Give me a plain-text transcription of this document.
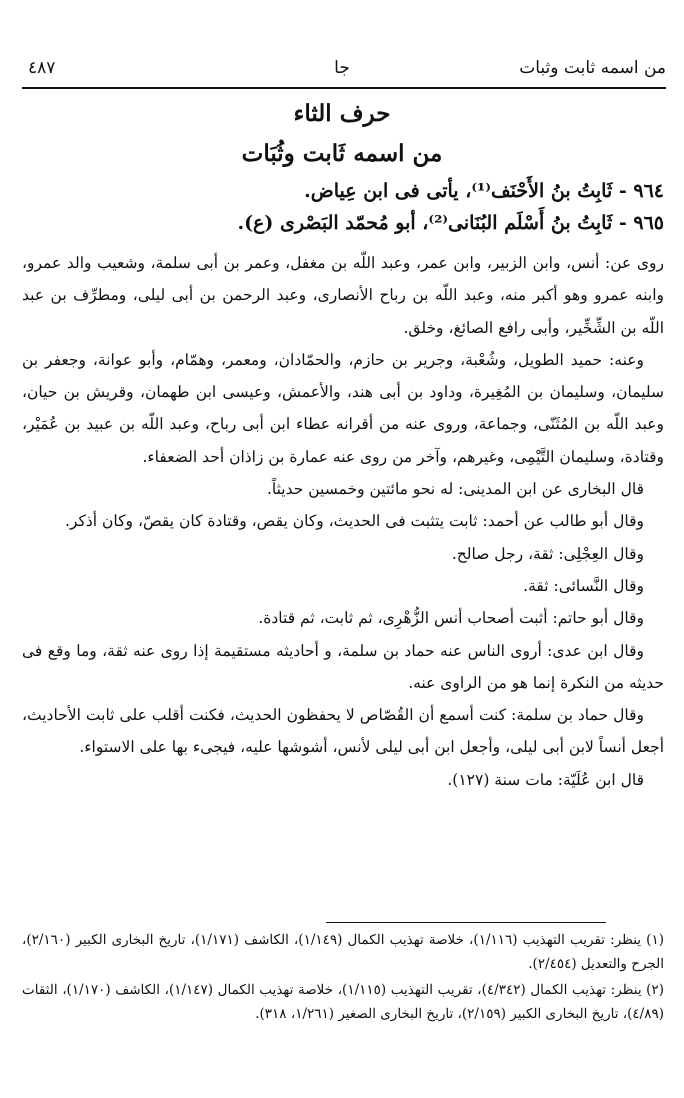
من اسمه ثابت وثبات
جا
٤٨٧
حرف الثاء
من اسمه ثَابت وثُبَات
٩٦٤ - ثَابِتُ بنُ الأَحْنَف⁽¹⁾، يأتى فى ابن عِياض.
٩٦٥ - ثَابِتُ بنُ أَسْلَم البُنَانى⁽²⁾، أبو مُحمّد البَصْرى (ع).

روى عن: أنس، وابن الزبير، وابن عمر، وعبد اللّه بن مغفل، وعمر بن أبى سلمة، وشعيب والد عمرو، وابنه عمرو وهو أكبر منه، وعبد اللّه بن رباح الأنصارى، وعبد الرحمن بن أبى ليلى، ومطرِّف بن عبد اللّه بن الشِّخِّير، وأبى رافع الصائغ، وخلق.

وعنه: حميد الطويل، وشُعْبة، وجرير بن حازم، والحمّادان، ومعمر، وهمّام، وأبو عوانة، وجعفر بن سليمان، وسليمان بن المُغِيرة، وداود بن أبى هند، والأعمش، وعيسى ابن طهمان، وقريش بن حيان، وعبد اللّه بن المُثَنّى، وجماعة، وروى عنه من أقرانه عطاء ابن أبى رباح، وعبد اللّه بن عبيد بن عُمَيْر، وقتادة، وسليمان التَّيْمِى، وغيرهم، وآخر من روى عنه عمارة بن زاذان أحد الضعفاء.

قال البخارى عن ابن المدينى: له نحو مائتين وخمسين حديثاً.

وقال أبو طالب عن أحمد: ثابت يتثبت فى الحديث، وكان يقص، وقتادة كان يقصّ، وكان أذكر.

وقال العِجْلِى: ثقة، رجل صالح.

وقال النَّسائى: ثقة.

وقال أبو حاتم: أثبت أصحاب أنس الزُّهْرِى، ثم ثابت، ثم قتادة.

وقال ابن عدى: أروى الناس عنه حماد بن سلمة، و أحاديثه مستقيمة إذا روى عنه ثقة، وما وقع فى حديثه من النكرة إنما هو من الراوى عنه.

وقال حماد بن سلمة: كنت أسمع أن القُصّاص لا يحفظون الحديث، فكنت أقلب على ثابت الأحاديث، أجعل أنساً لابن أبى ليلى، وأجعل ابن أبى ليلى لأنس، أشوشها عليه، فيجىء بها على الاستواء.

قال ابن عُلَيّة: مات سنة (١٢٧).

(١) ينظر: تقريب التهذيب (١/١١٦)، خلاصة تهذيب الكمال (١/١٤٩)، الكاشف (١/١٧١)، تاريخ البخارى الكبير (٢/١٦٠)، الجرح والتعديل (٢/٤٥٤).

(٢) ينظر: تهذيب الكمال (٤/٣٤٢)، تقريب التهذيب (١/١١٥)، خلاصة تهذيب الكمال (١/١٤٧)، الكاشف (١/١٧٠)، الثقات (٤/٨٩)، تاريخ البخارى الكبير (٢/١٥٩)، تاريخ البخارى الصغير (١/٢٦١، ٣١٨).
